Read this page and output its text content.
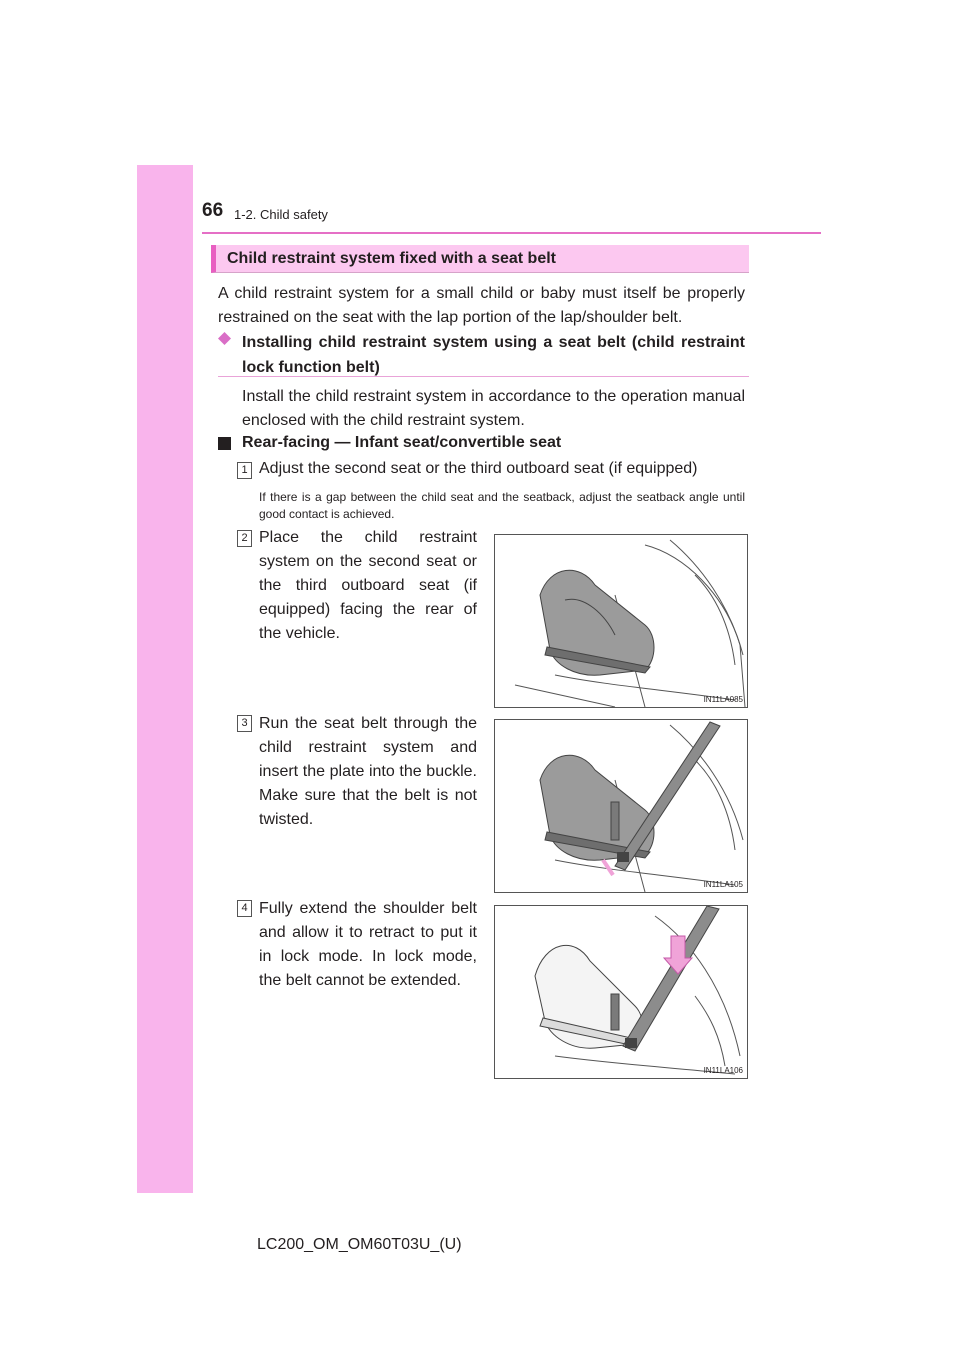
66 1-2. Child safety
Child restraint system fixed with a seat belt
A child restraint system for a small child or baby must itself be properly restrained on the seat with the lap portion of the lap/shoulder belt.
Installing child restraint system using a seat belt (child restraint lock function belt)
Install the child restraint system in accordance to the operation manual enclosed with the child restraint system.
Rear-facing — Infant seat/convertible seat
1 Adjust the second seat or the third outboard seat (if equipped)
If there is a gap between the child seat and the seatback, adjust the seatback angle until good contact is achieved.
2 Place the child restraint system on the second seat or the third outboard seat (if equipped) facing the rear of the vehicle.
IN11LA085
3 Run the seat belt through the child restraint system and insert the plate into the buckle. Make sure that the belt is not twisted.
IN11LA105
4 Fully extend the shoulder belt and allow it to retract to put it in lock mode. In lock mode, the belt cannot be extended.
IN11LA106
LC200_OM_OM60T03U_(U)
